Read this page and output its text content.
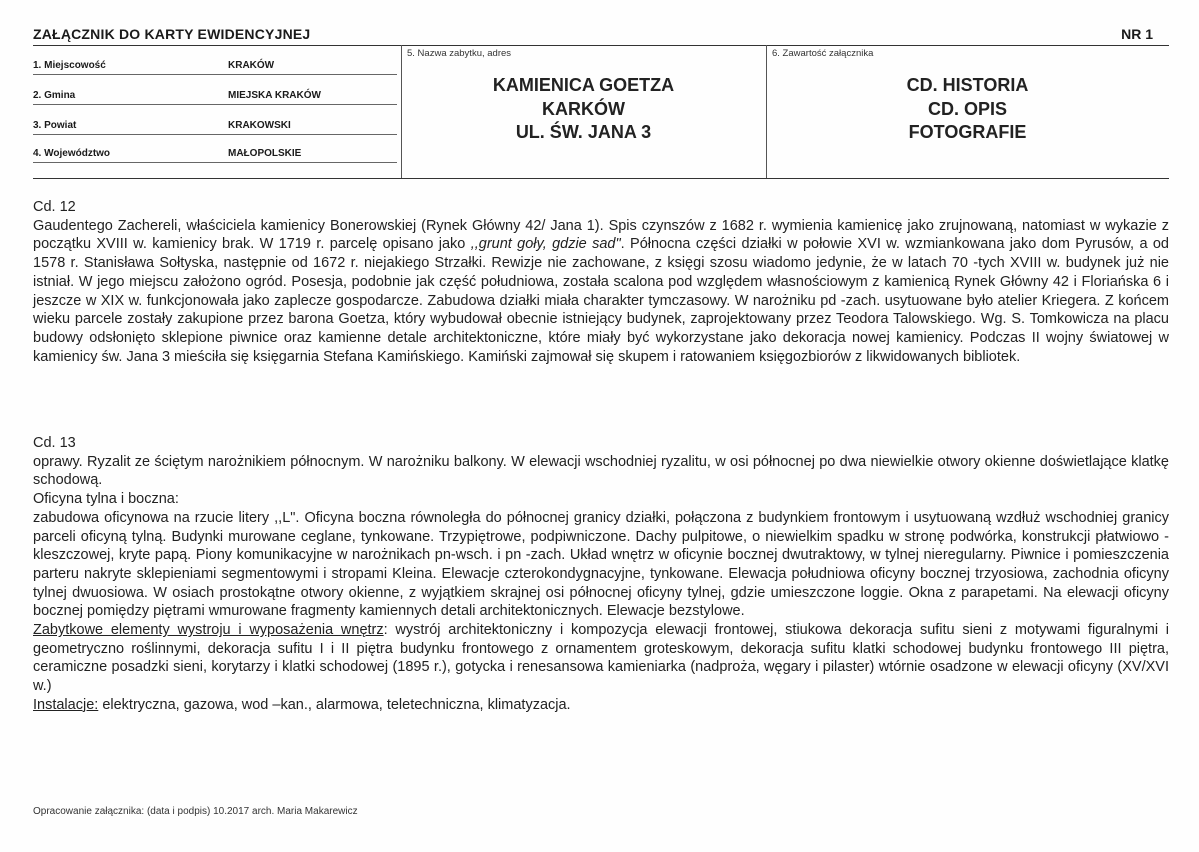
ZAŁĄCZNIK DO KARTY EWIDENCYJNEJ	NR 1
1. Miejscowość	KRAKÓW
2. Gmina	MIEJSKA KRAKÓW
3. Powiat	KRAKOWSKI
4. Województwo	MAŁOPOLSKIE
5. Nazwa zabytku, adres
KAMIENICA GOETZA
KARKÓW
UL. ŚW. JANA 3
6. Zawartość załącznika
CD. HISTORIA
CD. OPIS
FOTOGRAFIE

Cd. 12

Gaudentego Zachereli, właściciela kamienicy Bonerowskiej (Rynek Główny 42/ Jana 1). Spis czynszów z 1682 r. wymienia kamienicę jako zrujnowaną, natomiast w wykazie z początku XVIII w. kamienicy brak. W 1719 r. parcelę opisano jako ,,grunt goły, gdzie sad". Północna części działki w połowie XVI w. wzmiankowana jako dom Pyrusów, a od 1578 r. Stanisława Sołtyska, następnie od 1672 r. niejakiego Strzałki. Rewizje nie zachowane, z księgi szosu wiadomo jedynie, że w latach 70 -tych XVIII w. budynek już nie istniał. W jego miejscu założono ogród. Posesja, podobnie jak część południowa, została scalona pod względem własnościowym z kamienicą Rynek Główny 42 i Floriańska 6 i jeszcze w XIX w. funkcjonowała jako zaplecze gospodarcze. Zabudowa działki miała charakter tymczasowy. W narożniku pd -zach. usytuowane było atelier Kriegera. Z końcem wieku parcele zostały zakupione przez barona Goetza, który wybudował obecnie istniejący budynek, zaprojektowany przez Teodora Talowskiego. Wg. S. Tomkowicza na placu budowy odsłonięto sklepione piwnice oraz kamienne detale architektoniczne, które miały być wykorzystane jako dekoracja nowej kamienicy. Podczas II wojny światowej w kamienicy św. Jana 3 mieściła się księgarnia Stefana Kamińskiego. Kamiński zajmował się skupem i ratowaniem księgozbiorów z likwidowanych bibliotek.

Cd. 13

oprawy. Ryzalit ze ściętym narożnikiem północnym. W narożniku balkony. W elewacji wschodniej ryzalitu, w osi północnej po dwa niewielkie otwory okienne doświetlające klatkę schodową.

Oficyna tylna i boczna:

zabudowa oficynowa na rzucie litery ,,L". Oficyna boczna równoległa do północnej granicy działki, połączona z budynkiem frontowym i usytuowaną wzdłuż wschodniej granicy parceli oficyną tylną. Budynki murowane ceglane, tynkowane. Trzypiętrowe, podpiwniczone. Dachy pulpitowe, o niewielkim spadku w stronę podwórka, konstrukcji płatwiowo -kleszczowej, kryte papą. Piony komunikacyjne w narożnikach pn-wsch. i pn -zach. Układ wnętrz w oficynie bocznej dwutraktowy, w tylnej nieregularny. Piwnice i pomieszczenia parteru nakryte sklepieniami segmentowymi i stropami Kleina. Elewacje czterokondygnacyjne, tynkowane. Elewacja południowa oficyny bocznej trzyosiowa, zachodnia oficyny tylnej dwuosiowa. W osiach prostokątne otwory okienne, z wyjątkiem skrajnej osi północnej oficyny tylnej, gdzie umieszczone loggie. Okna z parapetami. Na elewacji oficyny bocznej pomiędzy piętrami wmurowane fragmenty kamiennych detali architektonicznych. Elewacje bezstylowe.

Zabytkowe elementy wystroju i wyposażenia wnętrz: wystrój architektoniczny i kompozycja elewacji frontowej, stiukowa dekoracja sufitu sieni z motywami figuralnymi i geometryczno roślinnymi, dekoracja sufitu I i II piętra budynku frontowego z ornamentem groteskowym, dekoracja sufitu klatki schodowej budynku frontowego III piętra, ceramiczne posadzki sieni, korytarzy i klatki schodowej (1895 r.), gotycka i renesansowa kamieniarka (nadproża, węgary i pilaster) wtórnie osadzone w elewacji oficyny (XV/XVI w.)

Instalacje: elektryczna, gazowa, wod –kan., alarmowa, teletechniczna, klimatyzacja.

Opracowanie załącznika: (data i podpis) 10.2017 arch. Maria Makarewicz
